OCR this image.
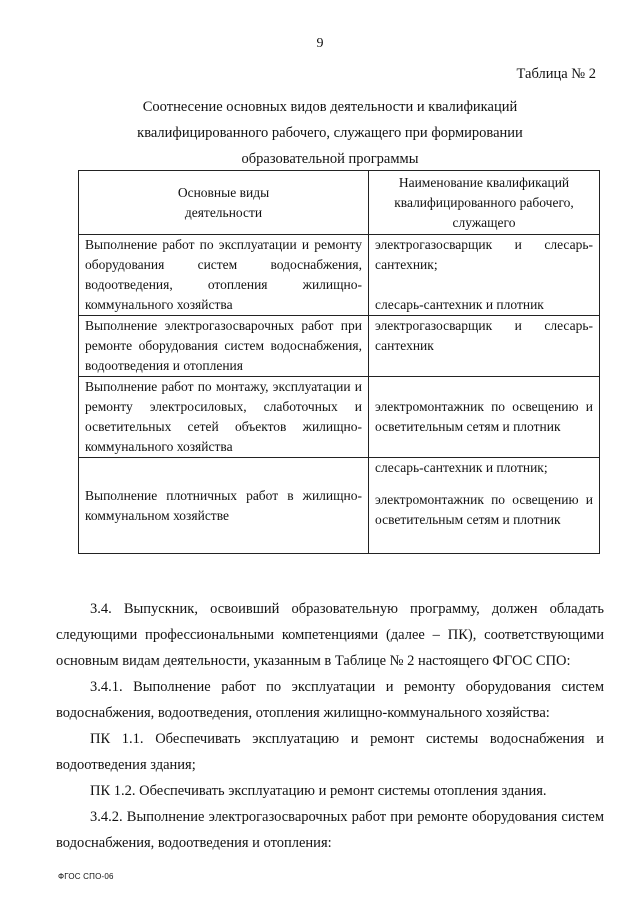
9
Таблица № 2
Соотнесение основных видов деятельности и квалификаций
квалифицированного рабочего, служащего при формировании
образовательной программы
Основные виды деятельности	Наименование квалификаций квалифицированного рабочего, служащего

Выполнение работ по эксплуатации и ремонту оборудования систем водоснабжения, водоотведения, отопления жилищно-коммунального хозяйства	электрогазосварщик и слесарь-сантехник;
слесарь-сантехник и плотник

Выполнение электрогазосварочных работ при ремонте оборудования систем водоснабжения, водоотведения и отопления	электрогазосварщик и слесарь-сантехник
Выполнение работ по монтажу, эксплуатации и ремонту электросиловых, слаботочных и осветительных сетей объектов жилищно-коммунального хозяйства	электромонтажник по освещению и осветительным сетям и плотник
Выполнение плотничных работ в жилищно-коммунальном хозяйстве	слесарь-сантехник и плотник;
электромонтажник по освещению и осветительным сетям и плотник
3.4. Выпускник, освоивший образовательную программу, должен обладать следующими профессиональными компетенциями (далее – ПК), соответствующими основным видам деятельности, указанным в Таблице № 2 настоящего ФГОС СПО:
3.4.1. Выполнение работ по эксплуатации и ремонту оборудования систем водоснабжения, водоотведения, отопления жилищно-коммунального хозяйства:
ПК 1.1. Обеспечивать эксплуатацию и ремонт системы водоснабжения и водоотведения здания;
ПК 1.2. Обеспечивать эксплуатацию и ремонт системы отопления здания.
3.4.2. Выполнение электрогазосварочных работ при ремонте оборудования систем водоснабжения, водоотведения и отопления:
ФГОС СПО-06
